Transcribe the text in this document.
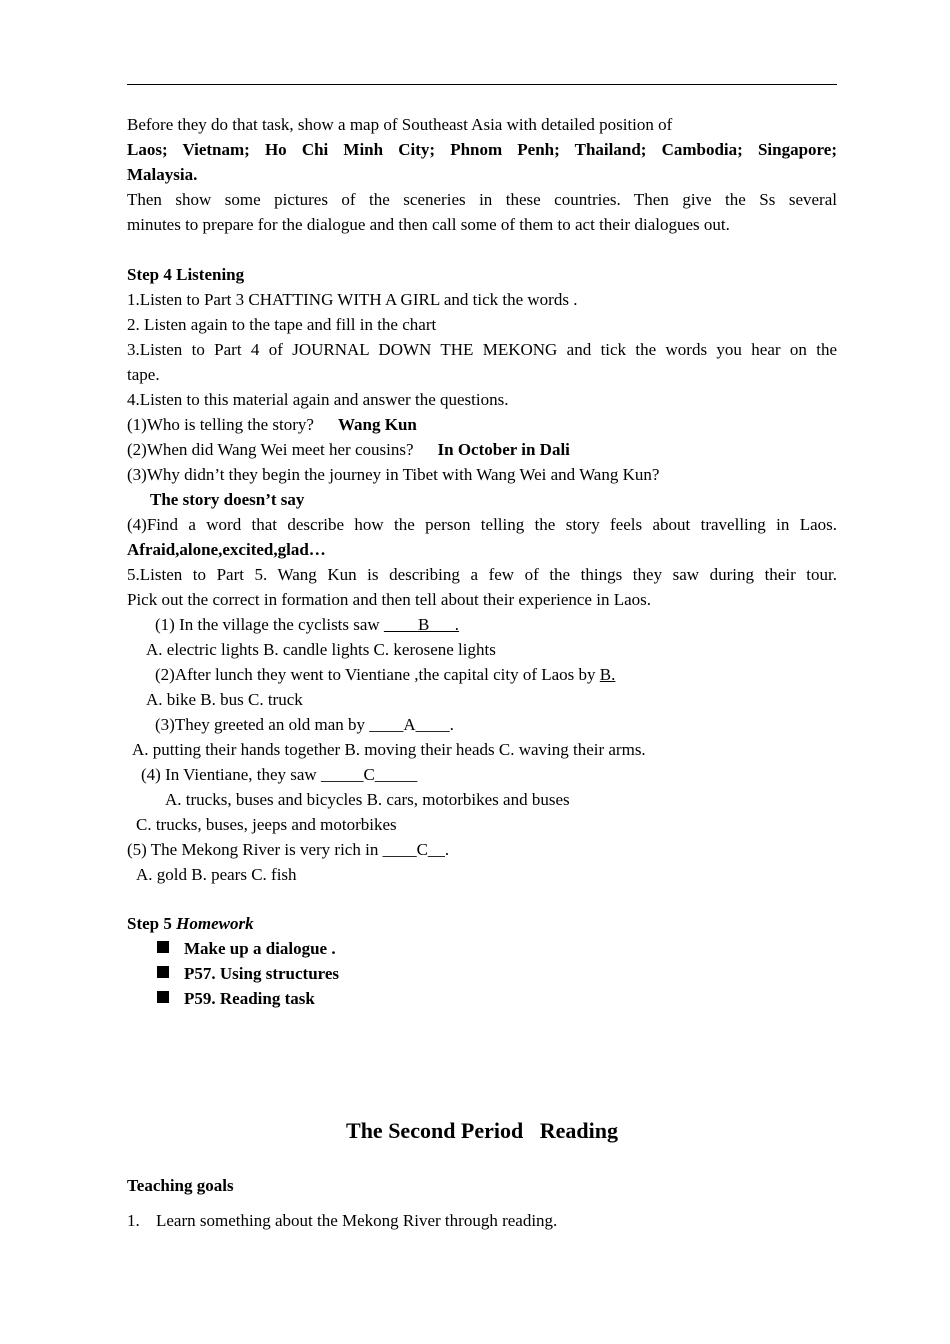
Before they do that task, show a map of Southeast Asia with detailed position of
Laos; Vietnam; Ho Chi Minh City; Phnom Penh; Thailand; Cambodia; Singapore;
Malaysia.
Then show some pictures of the sceneries in these countries. Then give the Ss several
minutes to prepare for the dialogue and then call some of them to act their dialogues out.
Step 4 Listening
1.Listen to Part 3 CHATTING WITH A GIRL and tick the words .
2. Listen again to the tape and fill in the chart
3.Listen to Part 4 of JOURNAL DOWN THE MEKONG and tick the words you hear on the
tape.
4.Listen to this material again and answer the questions.
(1)Who is telling the story? Wang Kun
(2)When did Wang Wei meet her cousins? In October in Dali
(3)Why didn’t they begin the journey in Tibet with Wang Wei and Wang Kun?
The story doesn’t say
(4)Find a word that describe how the person telling the story feels about travelling in Laos.
Afraid,alone,excited,glad…
5.Listen to Part 5. Wang Kun is describing a few of the things they saw during their tour.
Pick out the correct in formation and then tell about their experience in Laos.
(1) In the village the cyclists saw ____B___.
A. electric lights B. candle lights C. kerosene lights
(2)After lunch they went to Vientiane ,the capital city of Laos by B.
A. bike B. bus C. truck
(3)They greeted an old man by ____A____.
A. putting their hands together B. moving their heads C. waving their arms.
(4) In Vientiane, they saw _____C_____
A. trucks, buses and bicycles B. cars, motorbikes and buses
C. trucks, buses, jeeps and motorbikes
(5) The Mekong River is very rich in ____C__.
A. gold B. pears C. fish
Step 5 Homework
Make up a dialogue .
P57. Using structures
P59. Reading task
The Second Period   Reading
Teaching goals
1. Learn something about the Mekong River through reading.
